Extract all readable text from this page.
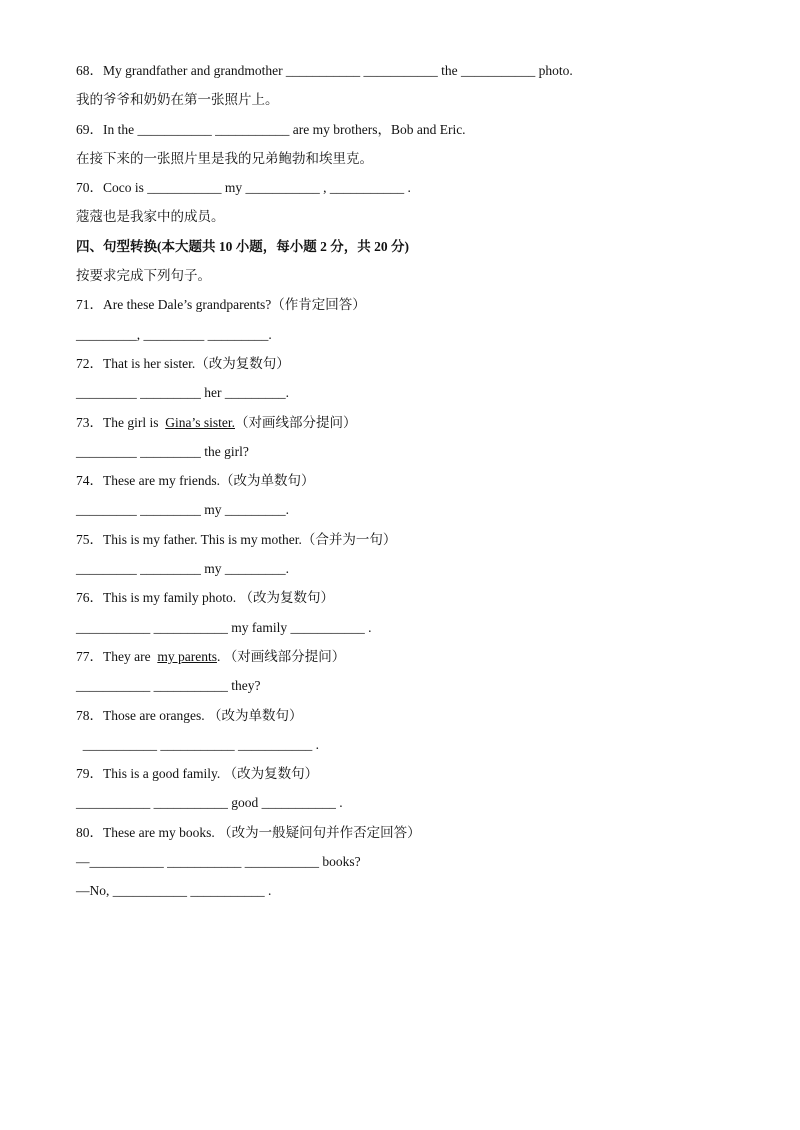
68．My grandfather and grandmother ___________ ___________ the ___________ photo.
我的爷爷和奶奶在第一张照片上。
69．In the ___________ ___________ are my brothers，Bob and Eric.
在接下来的一张照片里是我的兄弟鲍勃和埃里克。
70．Coco is ___________ my ___________ , ___________ .
蔻蔻也是我家中的成员。
四、句型转换(本大题共 10 小题，每小题 2 分，共 20 分)
按要求完成下列句子。
71．Are these Dale’s grandparents?（作肯定回答）
_________, _________ _________.
72．That is her sister.（改为复数句）
_________ _________ her _________.
73．The girl is  Gina’s sister.（对画线部分提问）
_________ _________ the girl?
74．These are my friends.（改为单数句）
_________ _________ my _________.
75．This is my father. This is my mother.（合并为一句）
_________ _________ my _________.
76．This is my family photo. （改为复数句）
___________ ___________ my family ___________ .
77．They are  my parents. （对画线部分提问）
___________ ___________ they?
78．Those are oranges. （改为单数句）
___________ ___________ ___________ .
79．This is a good family. （改为复数句）
___________ ___________ good ___________ .
80．These are my books. （改为一般疑问句并作否定回答）
—___________ ___________ ___________ books?
—No, ___________ ___________ .
